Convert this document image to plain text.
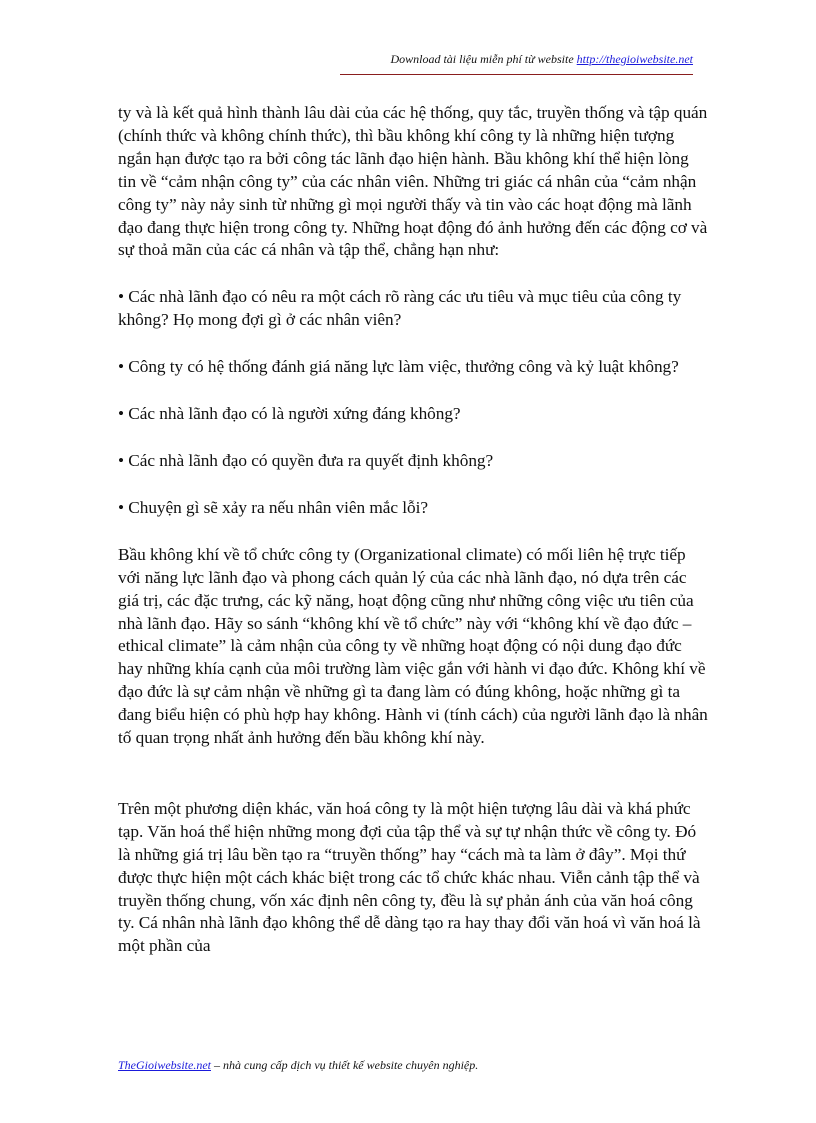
Download tài liệu miễn phí từ website http://thegioiwebsite.net

ty và là kết quả hình thành lâu dài của các hệ thống, quy tắc, truyền thống và tập quán (chính thức và không chính thức), thì bầu không khí công ty là những hiện tượng ngắn hạn được tạo ra bởi công tác lãnh đạo hiện hành. Bầu không khí thể hiện lòng tin về “cảm nhận công ty” của các nhân viên. Những tri giác cá nhân của “cảm nhận công ty” này nảy sinh từ những gì mọi người thấy và tin vào các hoạt động mà lãnh đạo đang thực hiện trong công ty. Những hoạt động đó ảnh hưởng đến các động cơ và sự thoả mãn của các cá nhân và tập thể, chẳng hạn như:

• Các nhà lãnh đạo có nêu ra một cách rõ ràng các ưu tiêu và mục tiêu của công ty không? Họ mong đợi gì ở các nhân viên?

• Công ty có hệ thống đánh giá năng lực làm việc, thưởng công và kỷ luật không?

• Các nhà lãnh đạo có là người xứng đáng không?

• Các nhà lãnh đạo có quyền đưa ra quyết định không?

• Chuyện gì sẽ xảy ra nếu nhân viên mắc lỗi?

Bầu không khí về tổ chức công ty (Organizational climate) có mối liên hệ trực tiếp với năng lực lãnh đạo và phong cách quản lý của các nhà lãnh đạo, nó dựa trên các giá trị, các đặc trưng, các kỹ năng, hoạt động cũng như những công việc ưu tiên của nhà lãnh đạo. Hãy so sánh “không khí về tổ chức” này với “không khí về đạo đức – ethical climate” là cảm nhận của công ty về những hoạt động có nội dung đạo đức hay những khía cạnh của môi trường làm việc gắn với hành vi đạo đức. Không khí về đạo đức là sự cảm nhận về những gì ta đang làm có đúng không, hoặc những gì ta đang biểu hiện có phù hợp hay không. Hành vi (tính cách) của người lãnh đạo là nhân tố quan trọng nhất ảnh hưởng đến bầu không khí này.

Trên một phương diện khác, văn hoá công ty là một hiện tượng lâu dài và khá phức tạp. Văn hoá thể hiện những mong đợi của tập thể và sự tự nhận thức về công ty. Đó là những giá trị lâu bền tạo ra “truyền thống” hay “cách mà ta làm ở đây”. Mọi thứ được thực hiện một cách khác biệt trong các tổ chức khác nhau. Viễn cảnh tập thể và truyền thống chung, vốn xác định nên công ty, đều là sự phản ánh của văn hoá công ty. Cá nhân nhà lãnh đạo không thể dễ dàng tạo ra hay thay đổi văn hoá vì văn hoá là một phần của

TheGioiwebsite.net – nhà cung cấp dịch vụ thiết kế website chuyên nghiệp.
